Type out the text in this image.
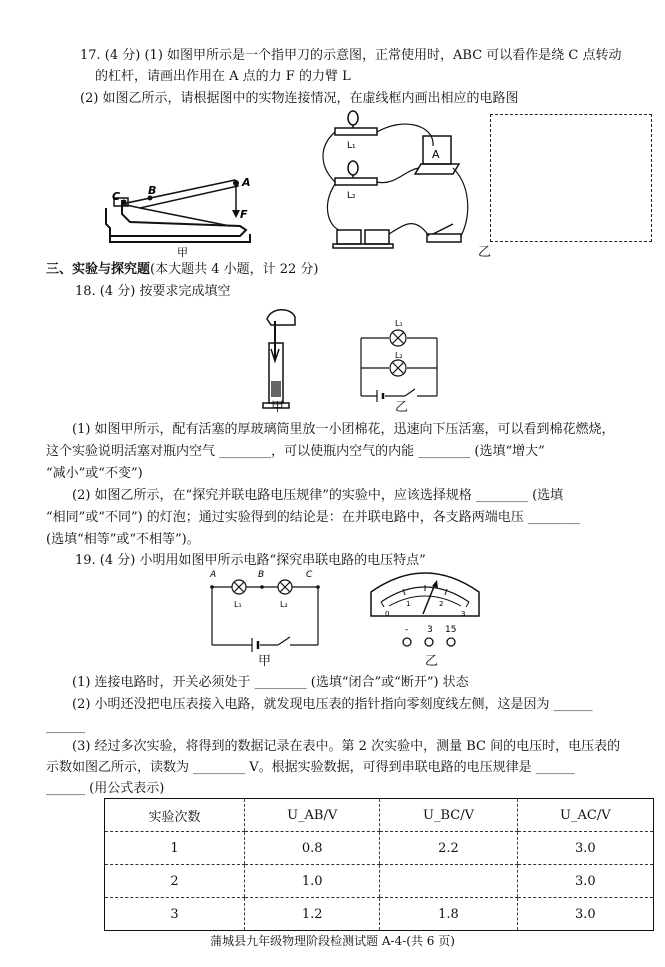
17. (4 分) (1) 如图甲所示是一个指甲刀的示意图，正常使用时，ABC 可以看作是绕 C 点转动
的杠杆，请画出作用在 A 点的力 F 的力臂 L
(2) 如图乙所示，请根据图中的实物连接情况，在虚线框内画出相应的电路图
C	B
A
F
甲
A
L₁
L₂
乙
三、实验与探究题(本大题共 4 小题，计 22 分)
18. (4 分) 按要求完成填空
甲
L₁
L₂
乙
(1) 如图甲所示，配有活塞的厚玻璃筒里放一小团棉花，迅速向下压活塞，可以看到棉花燃烧，
这个实验说明活塞对瓶内空气 ________，可以使瓶内空气的内能 ________ (选填“增大”
“减小”或“不变”)
(2) 如图乙所示，在“探究并联电路电压规律”的实验中，应该选择规格 ________ (选填
“相同”或“不同”) 的灯泡；通过实验得到的结论是：在并联电路中，各支路两端电压 ________
(选填“相等”或“不相等”)。
19. (4 分) 小明用如图甲所示电路“探究串联电路的电压特点”
A	B	C
L₁	L₂
甲
0
1	2
3
- 3 15
乙
(1) 连接电路时，开关必须处于 ________ (选填“闭合”或“断开”) 状态
(2) 小明还没把电压表接入电路，就发现电压表的指针指向零刻度线左侧，这是因为 ______
______
(3) 经过多次实验，将得到的数据记录在表中。第 2 次实验中，测量 BC 间的电压时，电压表的
示数如图乙所示，读数为 ________ V。根据实验数据，可得到串联电路的电压规律是 ______
______ (用公式表示)
实验次数	U_AB/V	U_BC/V	U_AC/V
1	0.8	2.2	3.0
2	1.0		3.0
3	1.2	1.8	3.0
蒲城县九年级物理阶段检测试题 A-4-(共 6 页)
